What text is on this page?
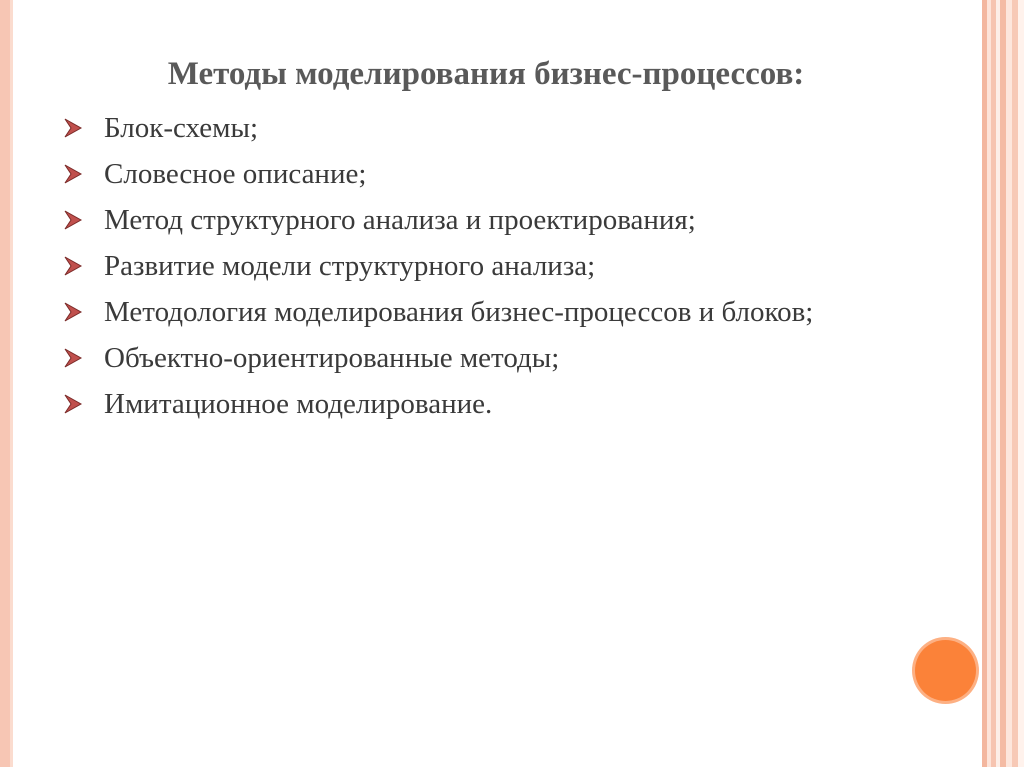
Методы моделирования бизнес-процессов:
Блок-схемы;
Словесное описание;
Метод структурного анализа и проектирования;
Развитие модели структурного анализа;
Методология моделирования бизнес-процессов и блоков;
Объектно-ориентированные методы;
Имитационное моделирование.
